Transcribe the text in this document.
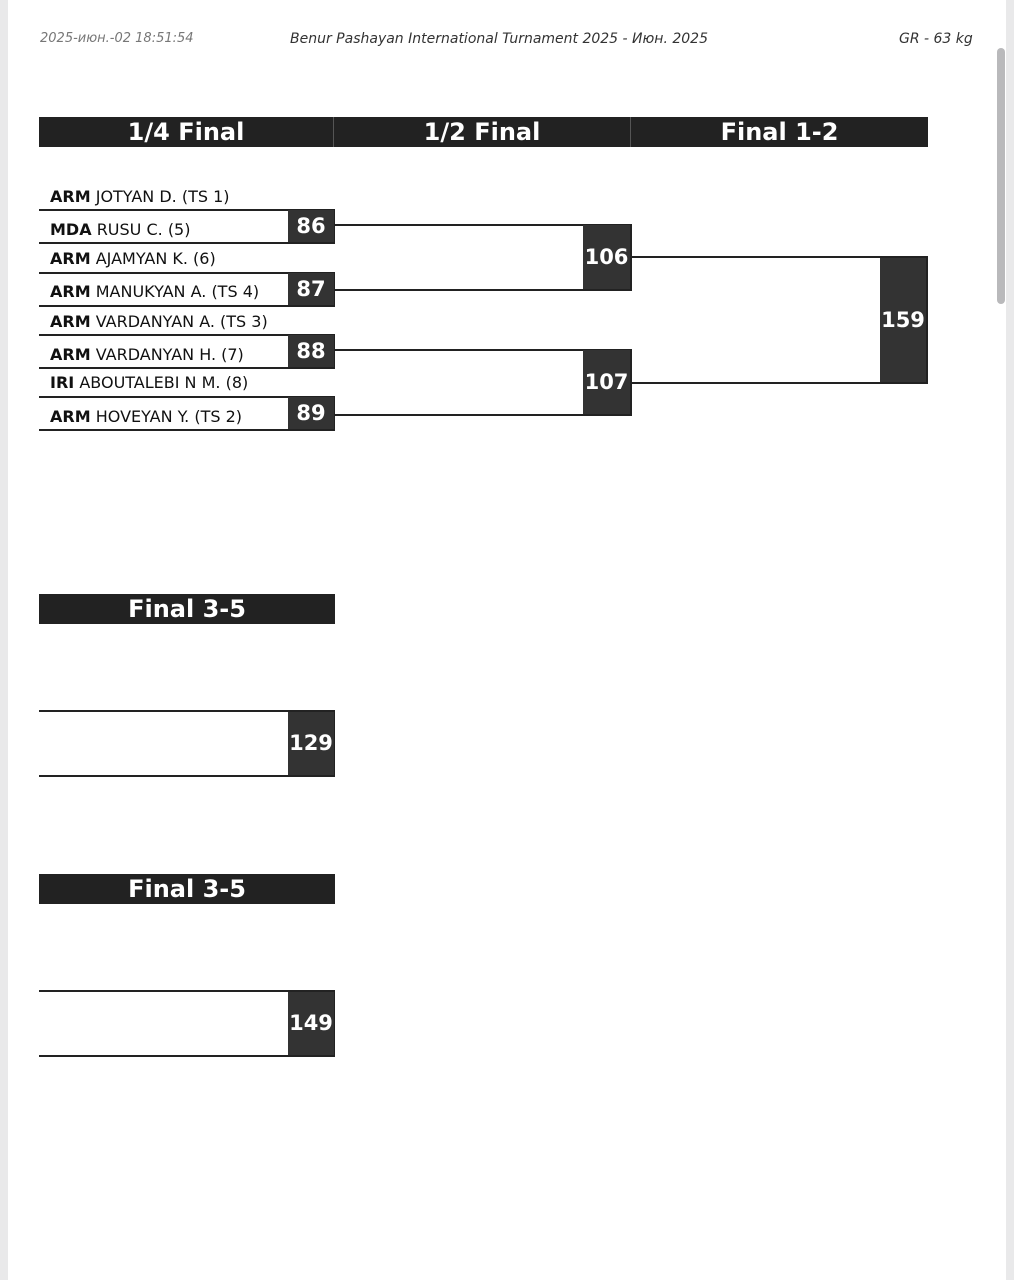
2025-июн.-02 18:51:54	Benur Pashayan International Turnament 2025 - Июн. 2025	GR - 63 kg
1/4 Final	1/2 Final	Final 1-2
ARM JOTYAN D. (TS 1)
MDA RUSU C. (5)
ARM AJAMYAN K. (6)
ARM MANUKYAN A. (TS 4)
ARM VARDANYAN A. (TS 3)
ARM VARDANYAN H. (7)
IRI ABOUTALEBI N M. (8)
ARM HOVEYAN Y. (TS 2)
86
87
88
89
106
107
159
Final 3-5
129
Final 3-5
149
